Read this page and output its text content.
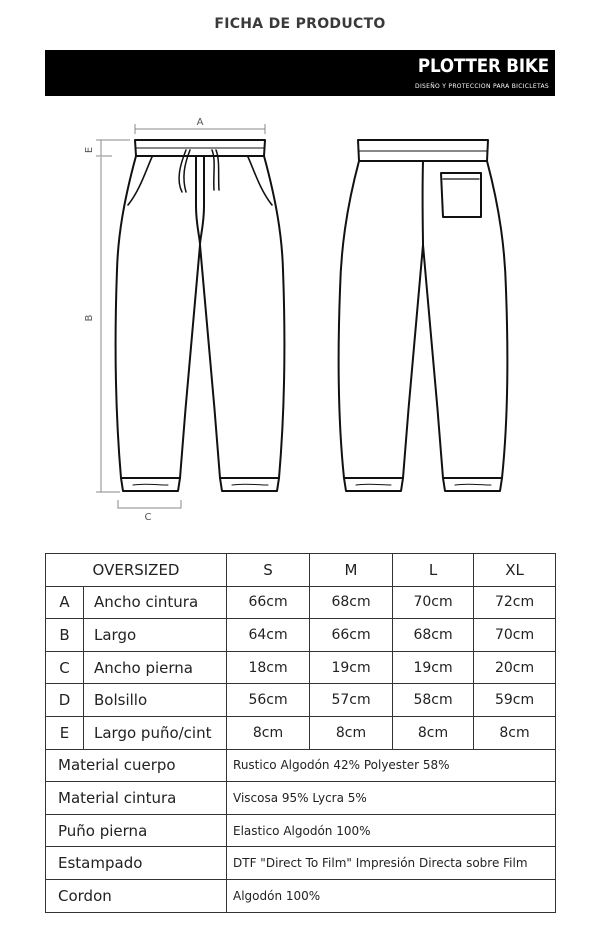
FICHA DE PRODUCTO
PLOTTER BIKE
DISEÑO Y PROTECCION PARA BICICLETAS
A
E
B
C
OVERSIZED		S	M	L	XL
A	Ancho cintura	66cm	68cm	70cm	72cm
B	Largo	64cm	66cm	68cm	70cm
C	Ancho pierna	18cm	19cm	19cm	20cm
D	Bolsillo	56cm	57cm	58cm	59cm
E	Largo puño/cint	8cm	8cm	8cm	8cm
Material cuerpo		Rustico Algodón 42% Polyester 58%			
Material cintura		Viscosa 95% Lycra 5%			
Puño pierna		Elastico Algodón 100%			
Estampado		DTF "Direct To Film" Impresión Directa sobre Film			
Cordon		Algodón 100%			
